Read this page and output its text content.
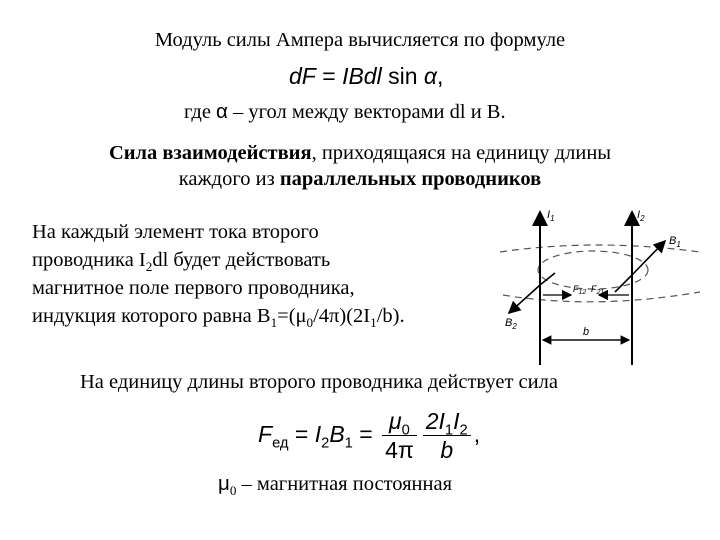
Модуль силы Ампера вычисляется по формуле
dF = IBdl sin α,
где α – угол между векторами dl и B.
Сила взаимодействия, приходящаяся на единицу длины
каждого из параллельных проводников
На каждый элемент тока второго
проводника $I_2dl$ будет действовать
магнитное поле первого проводника,
индукция которого равна $B_1=(\mu_0/4\pi)(2I_1/b)$.
$I_1$	$I_2$
$B_1$
$B_2$
$F_{12}$ $F_{21}$
b
На единицу длины второго проводника действует сила
$F_{ед} = I_2B_1 = \frac{\mu_0}{4\pi} \frac{2I_1I_2}{b}$ ,
$\mu_0$ – магнитная постоянная
